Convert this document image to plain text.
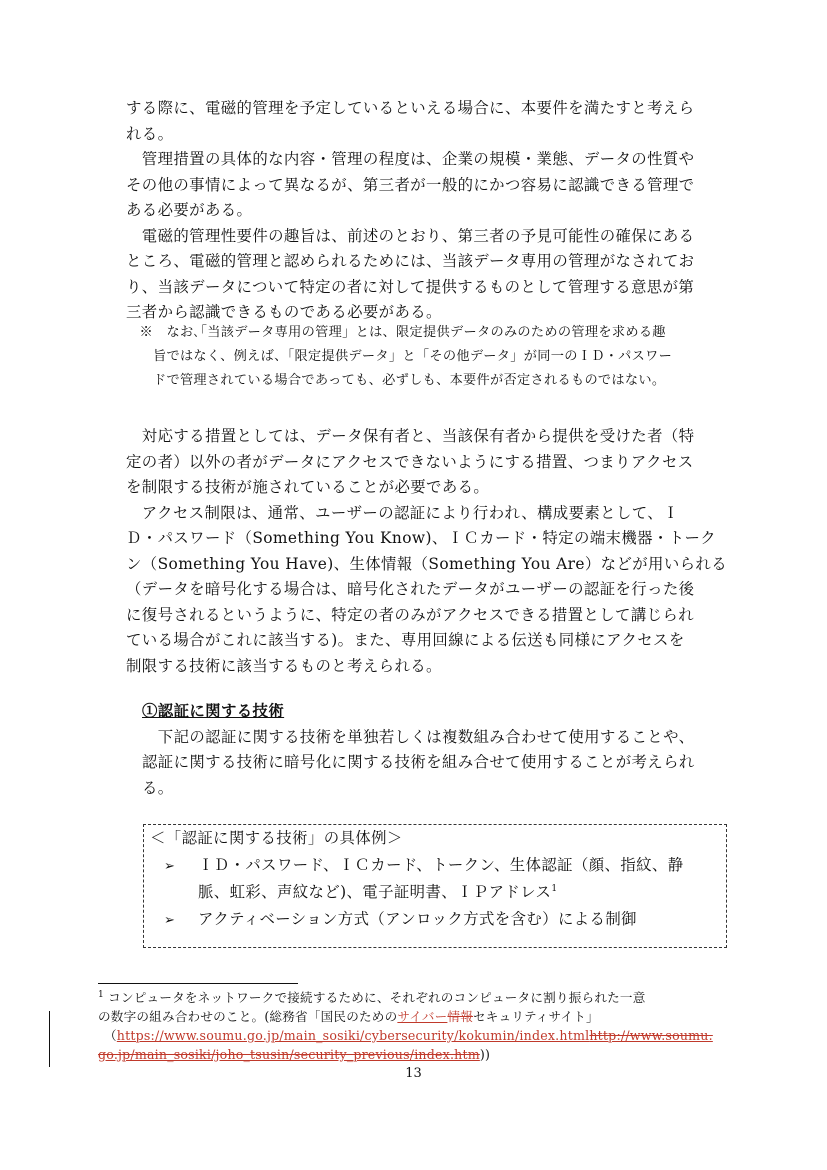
する際に、電磁的管理を予定しているといえる場合に、本要件を満たすと考えら
れる。
　管理措置の具体的な内容・管理の程度は、企業の規模・業態、データの性質や
その他の事情によって異なるが、第三者が一般的にかつ容易に認識できる管理で
ある必要がある。
　電磁的管理性要件の趣旨は、前述のとおり、第三者の予見可能性の確保にある
ところ、電磁的管理と認められるためには、当該データ専用の管理がなされてお
り、当該データについて特定の者に対して提供するものとして管理する意思が第
三者から認識できるものである必要がある。
　※　なお､｢当該データ専用の管理」とは、限定提供データのみのための管理を求める趣
　　旨ではなく、例えば、｢限定提供データ」と「その他データ」が同一のＩＤ・パスワー
　　ドで管理されている場合であっても、必ずしも、本要件が否定されるものではない。
　対応する措置としては、データ保有者と、当該保有者から提供を受けた者（特
定の者）以外の者がデータにアクセスできないようにする措置、つまりアクセス
を制限する技術が施されていることが必要である。
　アクセス制限は、通常、ユーザーの認証により行われ、構成要素として、Ｉ
Ｄ・パスワード（Something You Know)、ＩＣカード・特定の端末機器・トーク
ン（Something You Have)、生体情報（Something You Are）などが用いられる
（データを暗号化する場合は、暗号化されたデータがユーザーの認証を行った後
に復号されるというように、特定の者のみがアクセスできる措置として講じられ
ている場合がこれに該当する)。また、専用回線による伝送も同様にアクセスを
制限する技術に該当するものと考えられる。
①認証に関する技術
　下記の認証に関する技術を単独若しくは複数組み合わせて使用することや、
認証に関する技術に暗号化に関する技術を組み合せて使用することが考えられ
る。
＜「認証に関する技術」の具体例＞
➢ ＩＤ・パスワード、ＩＣカード、トークン、生体認証（顔、指紋、静
脈、虹彩、声紋など)、電子証明書、ＩＰアドレス$^1$
➢ アクティベーション方式（アンロック方式を含む）による制御
$^1$ コンピュータをネットワークで接続するために、それぞれのコンピュータに割り振られた一意
の数字の組み合わせのこと。(総務省「国民のためのサイバー情報セキュリティサイト」
（https://www.soumu.go.jp/main_sosiki/cybersecurity/kokumin/index.htmlhttp://www.soumu.
go.jp/main_sosiki/joho_tsusin/security_previous/index.htm))
13
